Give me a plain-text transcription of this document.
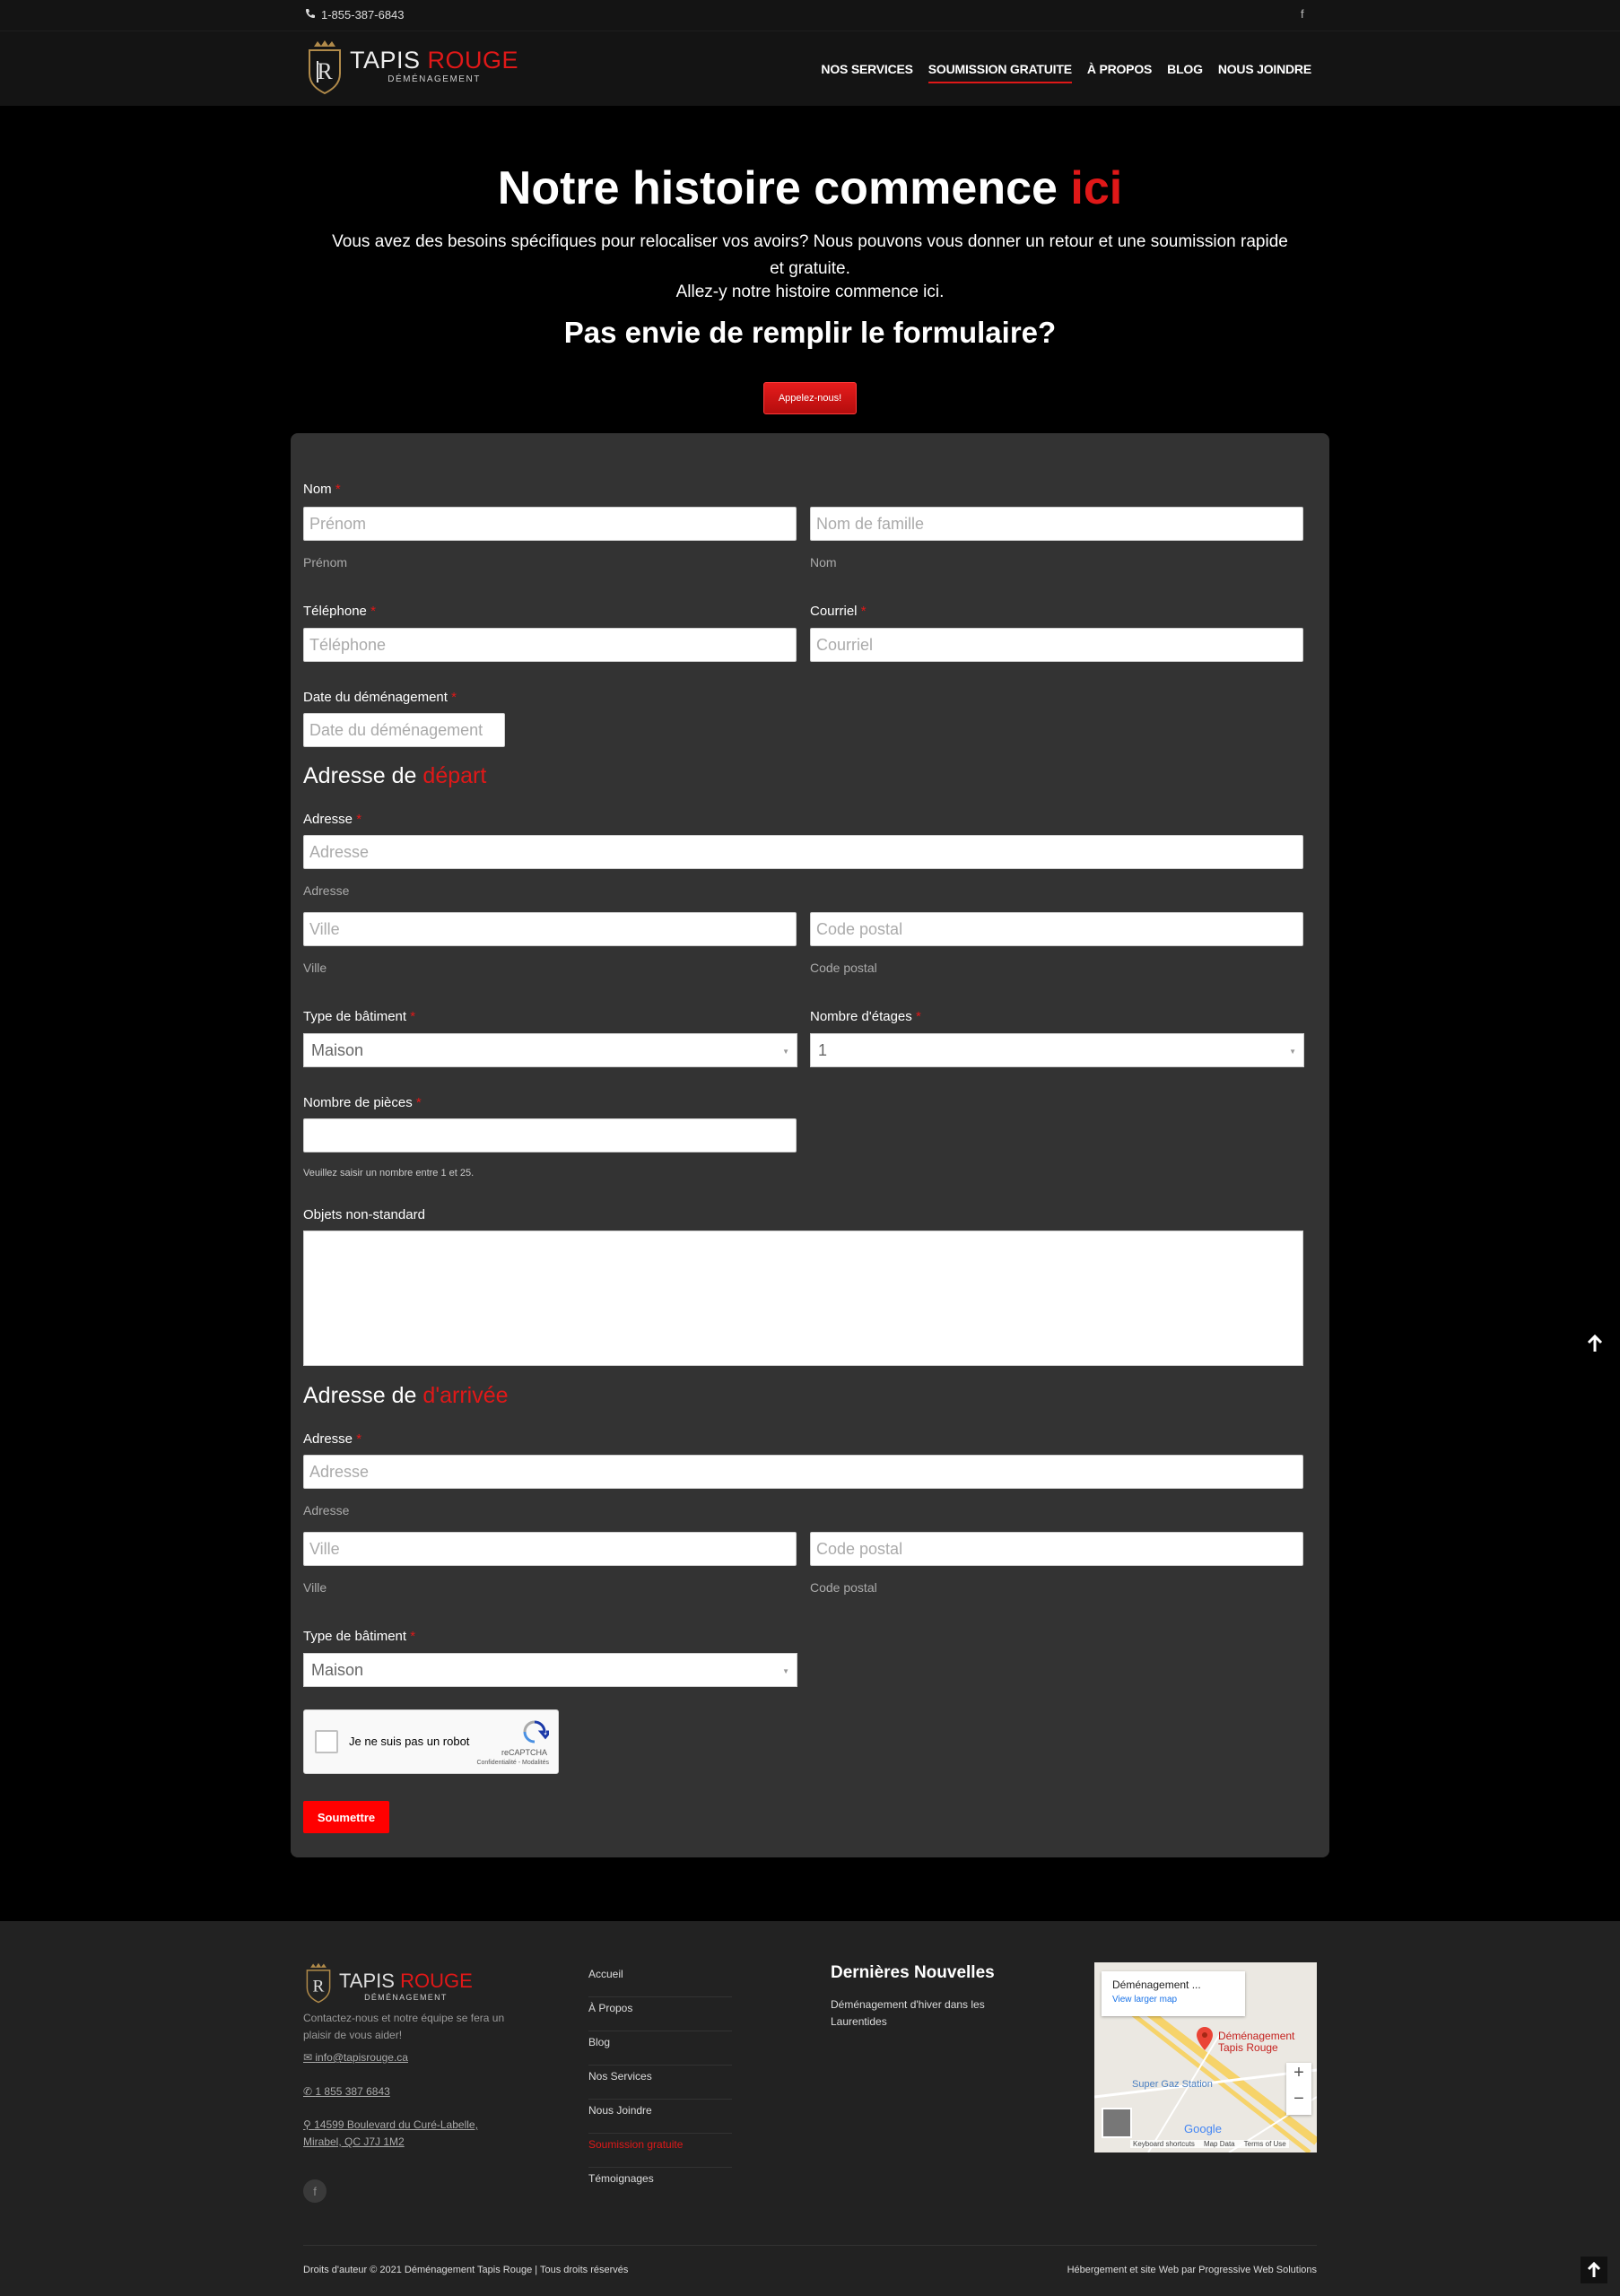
1-855-387-6843	f
R TAPIS ROUGE
DÉMÉNAGEMENT
NOS SERVICES SOUMISSION GRATUITE À PROPOS BLOG NOUS JOINDRE
Notre histoire commence ici
Vous avez des besoins spécifiques pour relocaliser vos avoirs? Nous pouvons vous donner un retour et une soumission rapide et gratuite.
Allez-y notre histoire commence ici.
Pas envie de remplir le formulaire?
Appelez-nous!
Nom *
Prénom	Nom de famille
Prénom	Nom
Téléphone *	Courriel *
Téléphone	Courriel
Date du déménagement *
Date du déménagement
Adresse de départ
Adresse *
Adresse
Adresse
Ville	Code postal
Ville	Code postal
Type de bâtiment *	Nombre d'étages *
Maison	▼ 1	▼
Nombre de pièces *
Veuillez saisir un nombre entre 1 et 25.
Objets non-standard
Adresse de d'arrivée
Adresse *
Adresse
Adresse
Ville	Code postal
Ville	Code postal
Type de bâtiment *
Maison	▼
Je ne suis pas un robot
reCAPTCHA
Confidentialité - Modalités
Soumettre
R TAPIS ROUGE
DÉMÉNAGEMENT
Contactez-nous et notre équipe se fera un plaisir de vous aider!
✉ info@tapisrouge.ca
✆ 1 855 387 6843
⚲ 14599 Boulevard du Curé-Labelle,
Mirabel, QC J7J 1M2
f
Accueil
À Propos
Blog
Nos Services
Nous Joindre
Soumission gratuite
Témoignages
Dernières Nouvelles
Déménagement d'hiver dans les Laurentides
Déménagement ...
View larger map
Déménagement
Tapis Rouge
Super Gaz Station
+
−
Google
Keyboard shortcuts Map Data Terms of Use
Droits d'auteur © 2021 Déménagement Tapis Rouge | Tous droits réservés	Hébergement et site Web par Progressive Web Solutions
